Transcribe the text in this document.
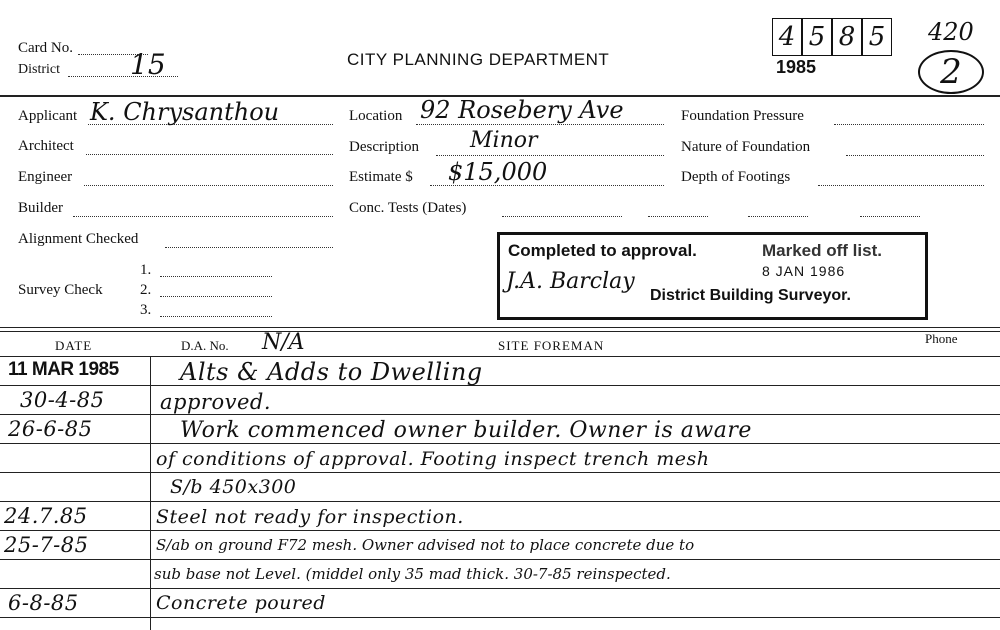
Card No.
District	15	CITY PLANNING DEPARTMENT	1985
4 5 8 5 420
2
Applicant K. Chrysanthou
Architect
Engineer
Builder
Alignment Checked
1.
Survey Check 2.
3.
Location 92 Rosebery Ave
Description Minor
Estimate $ $15,000
Conc. Tests (Dates)
Foundation Pressure
Nature of Foundation
Depth of Footings
Completed to approval.	Marked off list.
8 JAN 1986
J.A. Barclay
District Building Surveyor.
DATE	D.A. No. N/A	SITE FOREMAN	Phone
11 MAR 1985	Alts & Adds to Dwelling
30-4-85	approved.
26-6-85	Work commenced owner builder. Owner is aware
of conditions of approval. Footing inspect trench mesh
S/b 450x300
24.7.85	Steel not ready for inspection.
25-7-85	S/ab on ground F72 mesh. Owner advised not to place concrete due to
sub base not Level. (middel only 35 mad thick. 30-7-85 reinspected.
6-8-85	Concrete poured
